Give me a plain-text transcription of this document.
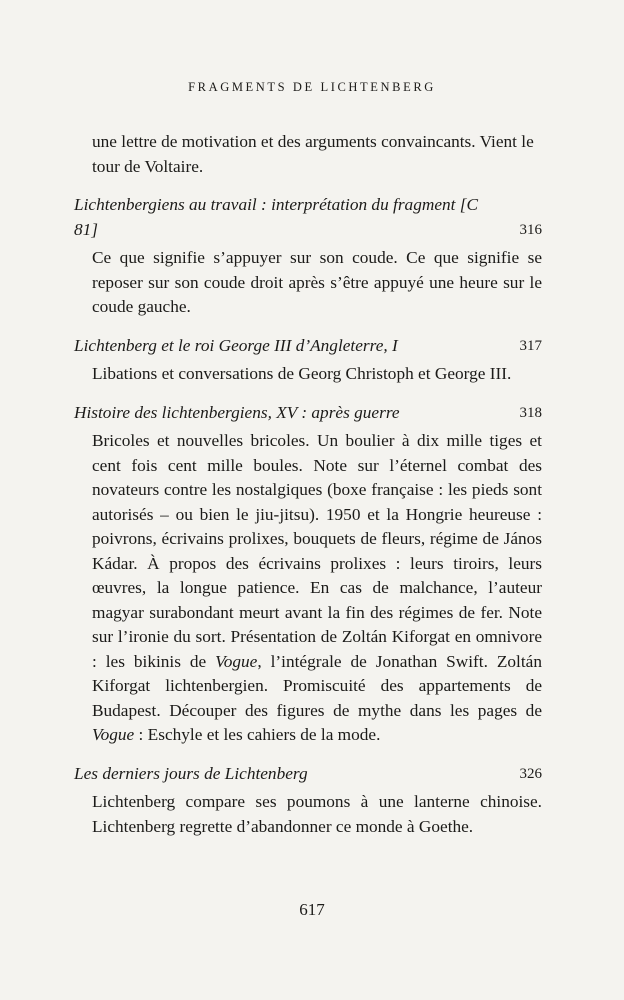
FRAGMENTS DE LICHTENBERG
une lettre de motivation et des arguments convaincants. Vient le tour de Voltaire.
Lichtenbergiens au travail : interprétation du fragment [C 81]	316
Ce que signifie s’appuyer sur son coude. Ce que signifie se reposer sur son coude droit après s’être appuyé une heure sur le coude gauche.
Lichtenberg et le roi George III d’Angleterre, I	317
Libations et conversations de Georg Christoph et George III.
Histoire des lichtenbergiens, XV : après guerre	318
Bricoles et nouvelles bricoles. Un boulier à dix mille tiges et cent fois cent mille boules. Note sur l’éternel combat des novateurs contre les nostalgiques (boxe française : les pieds sont autorisés – ou bien le jiu-jitsu). 1950 et la Hongrie heureuse : poivrons, écrivains prolixes, bouquets de fleurs, régime de János Kádar. À propos des écrivains prolixes : leurs tiroirs, leurs œuvres, la longue patience. En cas de malchance, l’auteur magyar surabondant meurt avant la fin des régimes de fer. Note sur l’ironie du sort. Présentation de Zoltán Kiforgat en omnivore : les bikinis de Vogue, l’intégrale de Jonathan Swift. Zoltán Kiforgat lichtenbergien. Promiscuité des appartements de Budapest. Découper des figures de mythe dans les pages de Vogue : Eschyle et les cahiers de la mode.
Les derniers jours de Lichtenberg	326
Lichtenberg compare ses poumons à une lanterne chinoise. Lichtenberg regrette d’abandonner ce monde à Goethe.
617
